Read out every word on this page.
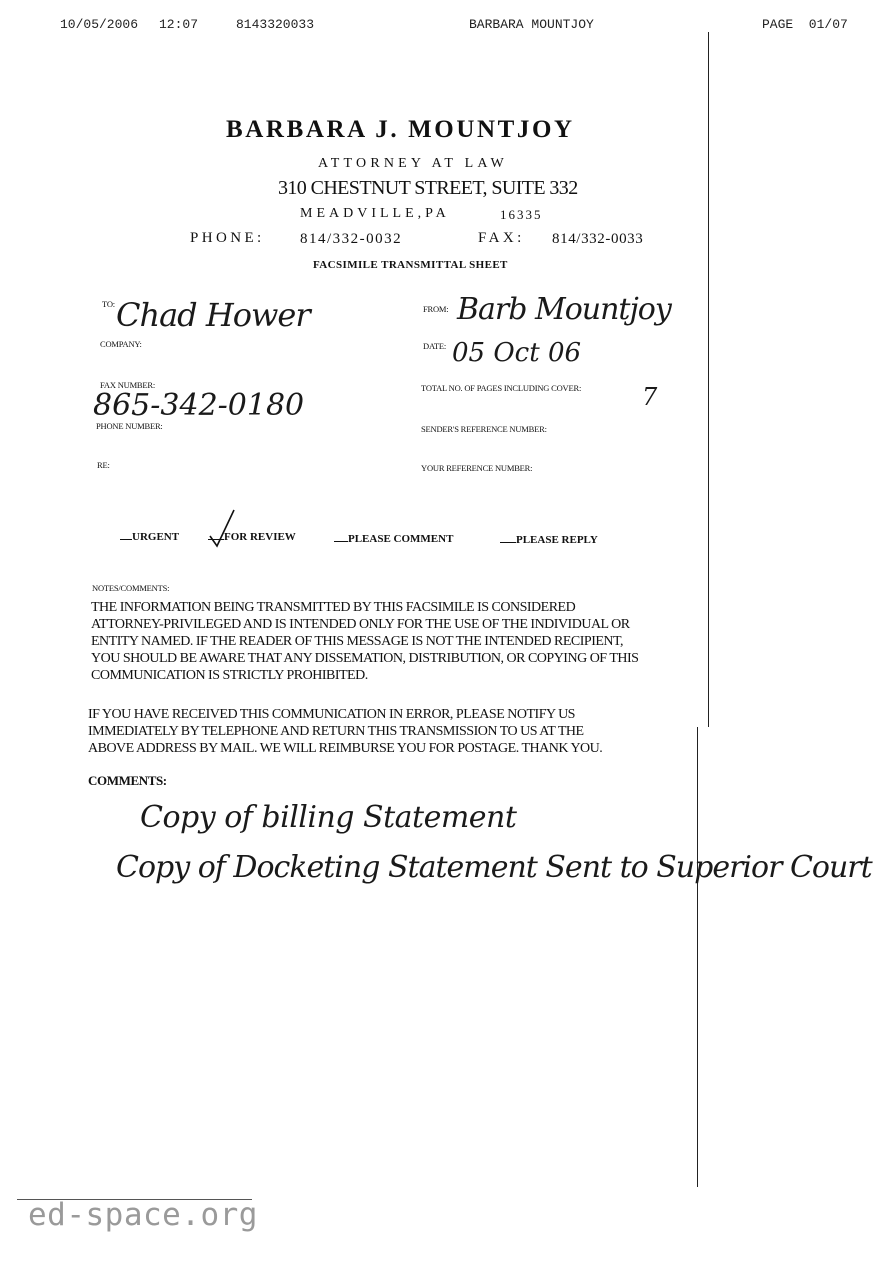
10/05/2006 12:07	8143320033	BARBARA MOUNTJOY	PAGE  01/07
BARBARA J. MOUNTJOY
ATTORNEY AT LAW
310 CHESTNUT STREET, SUITE 332
MEADVILLE,PA	16335
PHONE: 814/332-0032	FAX: 814/332-0033
FACSIMILE TRANSMITTAL SHEET
TO: Chad Hower
COMPANY:
FAX NUMBER:
865-342-0180
PHONE NUMBER:
RE:
FROM: Barb Mountjoy
DATE: 05 Oct 06
TOTAL NO. OF PAGES INCLUDING COVER:	7
SENDER'S REFERENCE NUMBER:
YOUR REFERENCE NUMBER:
URGENT	FOR REVIEW	PLEASE COMMENT	PLEASE REPLY
NOTES/COMMENTS:
THE INFORMATION BEING TRANSMITTED BY THIS FACSIMILE IS CONSIDERED
ATTORNEY-PRIVILEGED AND IS INTENDED ONLY FOR THE USE OF THE INDIVIDUAL OR
ENTITY NAMED. IF THE READER OF THIS MESSAGE IS NOT THE INTENDED RECIPIENT,
YOU SHOULD BE AWARE THAT ANY DISSEMATION, DISTRIBUTION, OR COPYING OF THIS
COMMUNICATION IS STRICTLY PROHIBITED.
IF YOU HAVE RECEIVED THIS COMMUNICATION IN ERROR, PLEASE NOTIFY US
IMMEDIATELY BY TELEPHONE AND RETURN THIS TRANSMISSION TO US AT THE
ABOVE ADDRESS BY MAIL. WE WILL REIMBURSE YOU FOR POSTAGE. THANK YOU.
COMMENTS:
Copy of billing Statement
Copy of Docketing Statement Sent to Superior Court
ed-space.org
